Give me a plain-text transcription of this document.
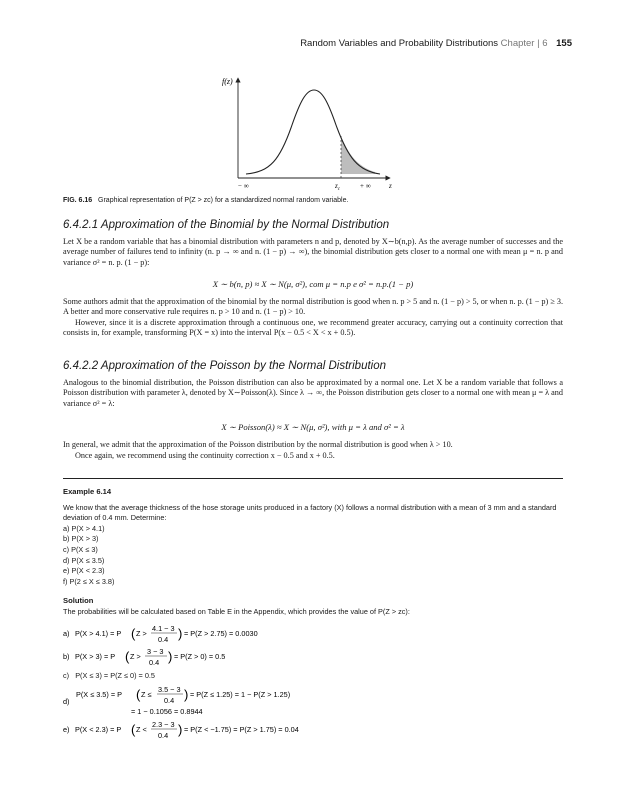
Random Variables and Probability Distributions Chapter | 6 155
f(z)
− ∞	$z_c$	+ ∞	z
FIG. 6.16 Graphical representation of P(Z > zc) for a standardized normal random variable.
6.4.2.1 Approximation of the Binomial by the Normal Distribution
Let X be a random variable that has a binomial distribution with parameters n and p, denoted by X∼b(n,p). As the average number of successes and the average number of failures tend to infinity (n. p → ∞ and n. (1 − p) → ∞), the binomial distribution gets closer to a normal one with mean μ = n. p and variance σ² = n. p. (1 − p):
X ∼ b(n, p) ≈ X ∼ N(μ, σ²), com μ = n.p e σ² = n.p.(1 − p)
Some authors admit that the approximation of the binomial by the normal distribution is good when n. p > 5 and n. (1 − p) > 5, or when n. p. (1 − p) ≥ 3. A better and more conservative rule requires n. p > 10 and n. (1 − p) > 10.
However, since it is a discrete approximation through a continuous one, we recommend greater accuracy, carrying out a continuity correction that consists in, for example, transforming P(X = x) into the interval P(x − 0.5 < X < x + 0.5).
6.4.2.2 Approximation of the Poisson by the Normal Distribution
Analogous to the binomial distribution, the Poisson distribution can also be approximated by a normal one. Let X be a random variable that follows a Poisson distribution with parameter λ, denoted by X∼Poisson(λ). Since λ → ∞, the Poisson distribution gets closer to a normal one with mean μ = λ and variance σ² = λ:
X ∼ Poisson(λ) ≈ X ∼ N(μ, σ²), with μ = λ and σ² = λ
In general, we admit that the approximation of the Poisson distribution by the normal distribution is good when λ > 10.
Once again, we recommend using the continuity correction x − 0.5 and x + 0.5.
Example 6.14
We know that the average thickness of the hose storage units produced in a factory (X) follows a normal distribution with a mean of 3 mm and a standard deviation of 0.4 mm. Determine:
a) P(X > 4.1)
b) P(X > 3)
c) P(X ≤ 3)
d) P(X ≤ 3.5)
e) P(X < 2.3)
f) P(2 ≤ X ≤ 3.8)
Solution
The probabilities will be calculated based on Table E in the Appendix, which provides the value of P(Z > zc):
a) P(X > 4.1) = P ( Z >
4.1 − 3
0.4 ) = P(Z > 2.75) = 0.0030
b) P(X > 3) = P ( Z >
3 − 3
0.4 ) = P(Z > 0) = 0.5
c) P(X ≤ 3) = P(Z ≤ 0) = 0.5
d)
P(X ≤ 3.5) = P ( Z ≤
3.5 − 3
0.4 ) = P(Z ≤ 1.25) = 1 − P(Z > 1.25)
= 1 − 0.1056 = 0.8944
e) P(X < 2.3) = P ( Z <
2.3 − 3
0.4 ) = P(Z < −1.75) = P(Z > 1.75) = 0.04
